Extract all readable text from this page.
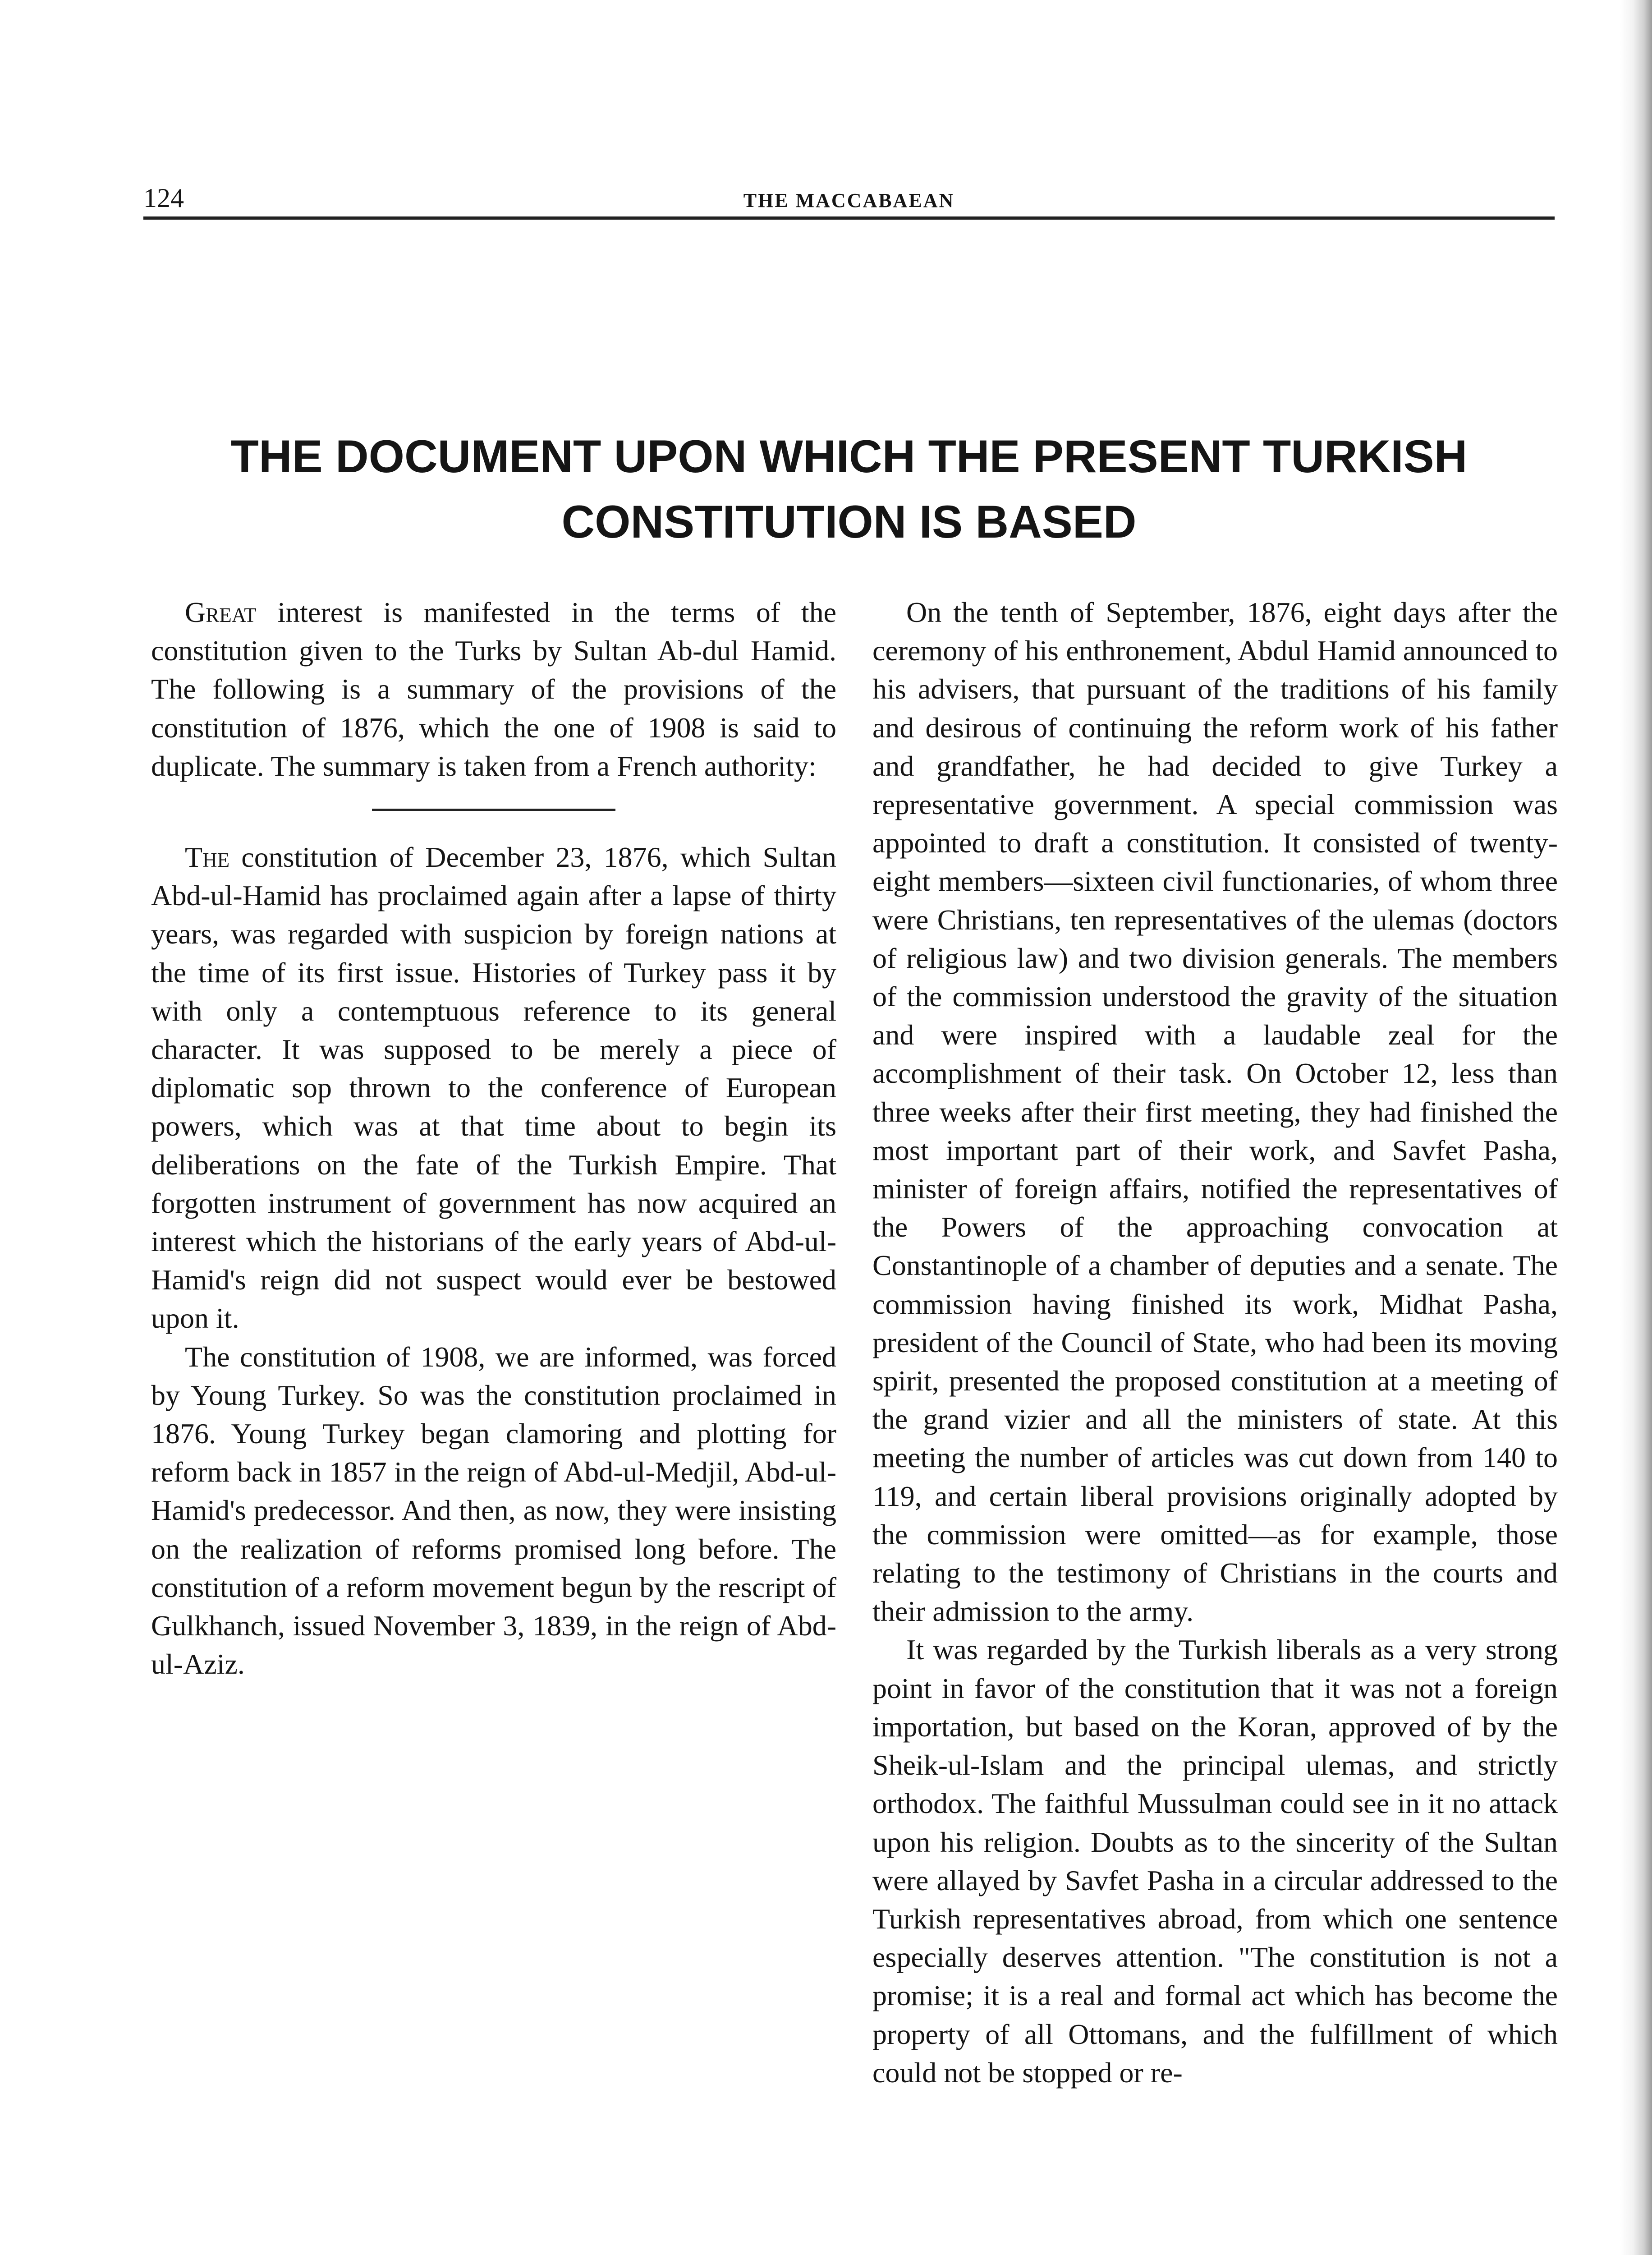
124	THE MACCABAEAN
THE DOCUMENT UPON WHICH THE PRESENT TURKISH CONSTITUTION IS BASED

Great interest is manifested in the terms of the constitution given to the Turks by Sultan Ab-dul Hamid. The following is a summary of the provisions of the constitution of 1876, which the one of 1908 is said to duplicate. The summary is taken from a French authority:

The constitution of December 23, 1876, which Sultan Abd-ul-Hamid has proclaimed again after a lapse of thirty years, was regarded with suspicion by foreign nations at the time of its first issue. Histories of Turkey pass it by with only a contemptuous reference to its general character. It was supposed to be merely a piece of diplomatic sop thrown to the conference of European powers, which was at that time about to begin its deliberations on the fate of the Turkish Empire. That forgotten instrument of government has now acquired an interest which the historians of the early years of Abd-ul-Hamid's reign did not suspect would ever be bestowed upon it.

The constitution of 1908, we are informed, was forced by Young Turkey. So was the constitution proclaimed in 1876. Young Turkey began clamoring and plotting for reform back in 1857 in the reign of Abd-ul-Medjil, Abd-ul-Hamid's predecessor. And then, as now, they were insisting on the realization of reforms promised long before. The constitution of a reform movement begun by the rescript of Gulkhanch, issued November 3, 1839, in the reign of Abd-ul-Aziz.

On the tenth of September, 1876, eight days after the ceremony of his enthronement, Abdul Hamid announced to his advisers, that pursuant of the traditions of his family and desirous of continuing the reform work of his father and grandfather, he had decided to give Turkey a representative government. A special commission was appointed to draft a constitution. It consisted of twenty-eight members—sixteen civil functionaries, of whom three were Christians, ten representatives of the ulemas (doctors of religious law) and two division generals. The members of the commission understood the gravity of the situation and were inspired with a laudable zeal for the accomplishment of their task. On October 12, less than three weeks after their first meeting, they had finished the most important part of their work, and Savfet Pasha, minister of foreign affairs, notified the representatives of the Powers of the approaching convocation at Constantinople of a chamber of deputies and a senate. The commission having finished its work, Midhat Pasha, president of the Council of State, who had been its moving spirit, presented the proposed constitution at a meeting of the grand vizier and all the ministers of state. At this meeting the number of articles was cut down from 140 to 119, and certain liberal provisions originally adopted by the commission were omitted—as for example, those relating to the testimony of Christians in the courts and their admission to the army.

It was regarded by the Turkish liberals as a very strong point in favor of the constitution that it was not a foreign importation, but based on the Koran, approved of by the Sheik-ul-Islam and the principal ulemas, and strictly orthodox. The faithful Mussulman could see in it no attack upon his religion. Doubts as to the sincerity of the Sultan were allayed by Savfet Pasha in a circular addressed to the Turkish representatives abroad, from which one sentence especially deserves attention. "The constitution is not a promise; it is a real and formal act which has become the property of all Ottomans, and the fulfillment of which could not be stopped or re-
